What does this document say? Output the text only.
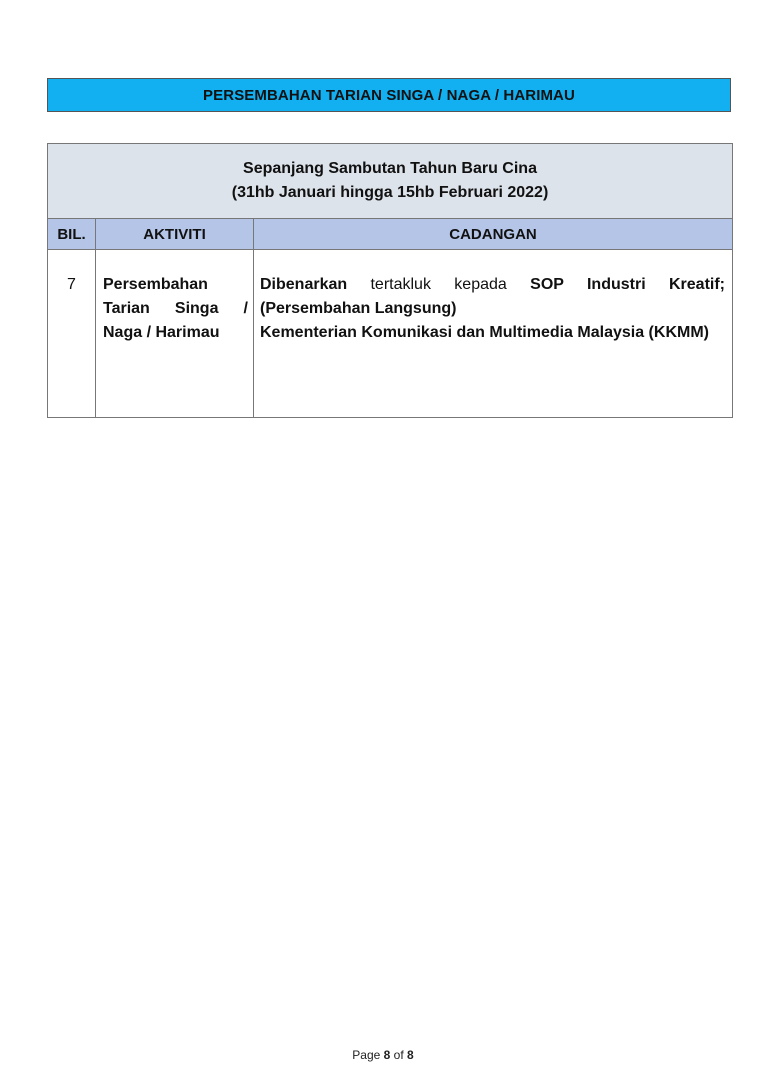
PERSEMBAHAN TARIAN SINGA / NAGA / HARIMAU
Sepanjang Sambutan Tahun Baru Cina
(31hb Januari hingga 15hb Februari 2022)		

BIL.	AKTIVITI	CADANGAN
7	Persembahan Tarian Singa / Naga / Harimau	Dibenarkan tertakluk kepada SOP Industri Kreatif;
(Persembahan Langsung)
Kementerian Komunikasi dan Multimedia Malaysia (KKMM)
Page 8 of 8
